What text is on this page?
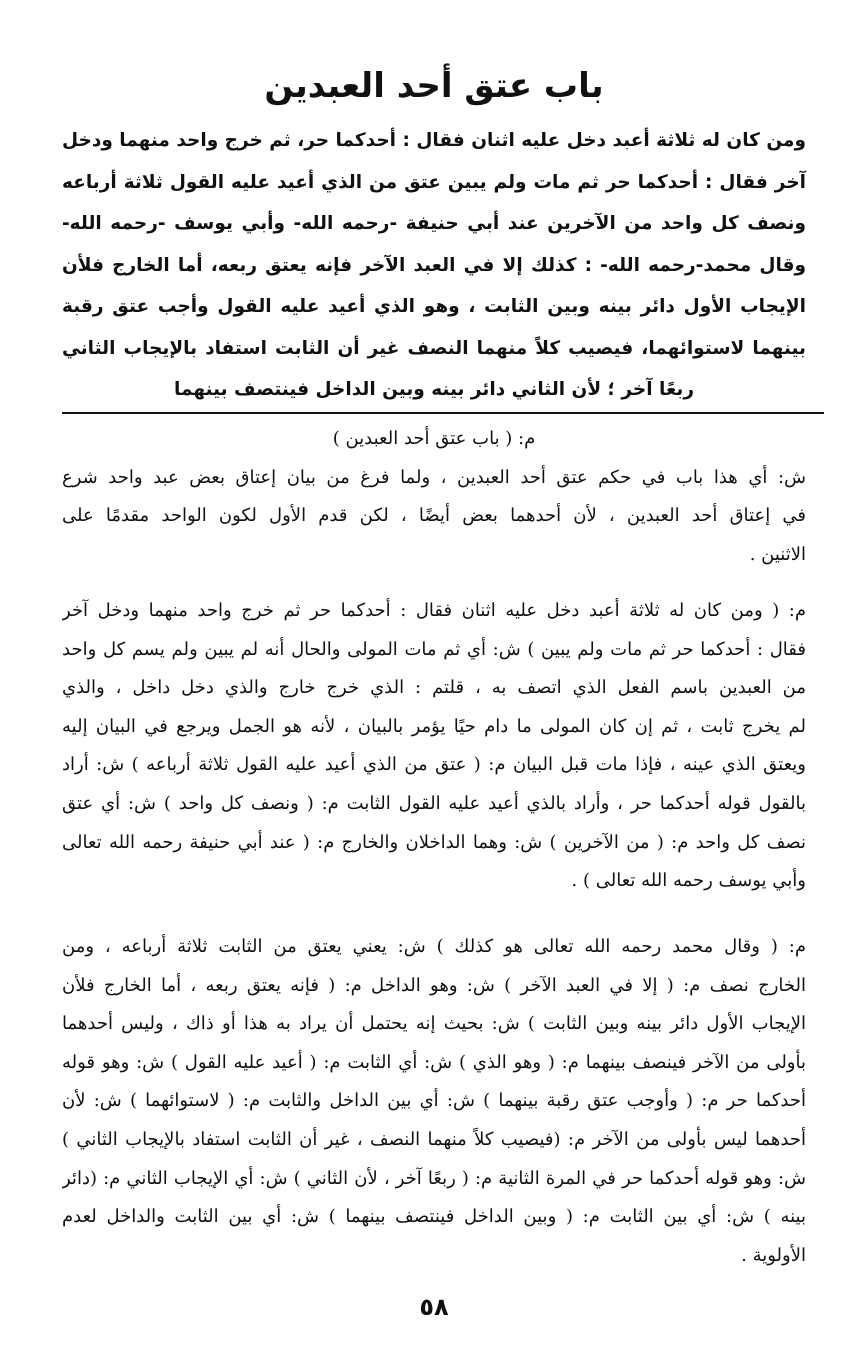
باب عتق أحد العبدين
ومن كان له ثلاثة أعبد دخل عليه اثنان فقال : أحدكما حر، ثم خرج واحد منهما ودخل آخر فقال : أحدكما حر ثم مات ولم يبين عتق من الذي أعيد عليه القول ثلاثة أرباعه ونصف كل واحد من الآخرين عند أبي حنيفة -رحمه الله- وأبي يوسف -رحمه الله- وقال محمد-رحمه الله- : كذلك إلا في العبد الآخر فإنه يعتق ربعه، أما الخارج فلأن الإيجاب الأول دائر بينه وبين الثابت ، وهو الذي أعيد عليه القول وأجب عتق رقبة بينهما لاستوائهما، فيصيب كلاً منهما النصف غير أن الثابت استفاد بالإيجاب الثاني ربعًا آخر ؛ لأن الثاني دائر بينه وبين الداخل فينتصف بينهما
م: ( باب عتق أحد العبدين )
ش: أي هذا باب في حكم عتق أحد العبدين ، ولما فرغ من بيان إعتاق بعض عبد واحد شرع
في إعتاق أحد العبدين ، لأن أحدهما بعض أيضًا ، لكن قدم الأول لكون الواحد مقدمًا على
الاثنين .
م: ( ومن كان له ثلاثة أعبد دخل عليه اثنان فقال : أحدكما حر ثم خرج واحد منهما ودخل آخر
فقال : أحدكما حر ثم مات ولم يبين ) ش: أي ثم مات المولى والحال أنه لم يبين ولم يسم كل واحد
من العبدين باسم الفعل الذي اتصف به ، قلتم : الذي خرج خارج والذي دخل داخل ، والذي
لم يخرج ثابت ، ثم إن كان المولى ما دام حيًا يؤمر بالبيان ، لأنه هو الجمل ويرجع في البيان إليه
ويعتق الذي عينه ، فإذا مات قبل البيان م: ( عتق من الذي أعيد عليه القول ثلاثة أرباعه ) ش: أراد
بالقول قوله أحدكما حر ، وأراد بالذي أعيد عليه القول الثابت م: ( ونصف كل واحد ) ش: أي عتق
نصف كل واحد م: ( من الآخرين ) ش: وهما الداخلان والخارج م: ( عند أبي حنيفة رحمه الله تعالى
وأبي يوسف رحمه الله تعالى ) .
م: ( وقال محمد رحمه الله تعالى هو كذلك ) ش: يعني يعتق من الثابت ثلاثة أرباعه ، ومن
الخارج نصف م: ( إلا في العبد الآخر ) ش: وهو الداخل م: ( فإنه يعتق ربعه ، أما الخارج فلأن
الإيجاب الأول دائر بينه وبين الثابت ) ش: بحيث إنه يحتمل أن يراد به هذا أو ذاك ، وليس أحدهما
بأولى من الآخر فينصف بينهما م: ( وهو الذي ) ش: أي الثابت م: ( أعيد عليه القول ) ش: وهو قوله
أحدكما حر م: ( وأوجب عتق رقبة بينهما ) ش: أي بين الداخل والثابت م: ( لاستوائهما ) ش: لأن
أحدهما ليس بأولى من الآخر م: (فيصيب كلاً منهما النصف ، غير أن الثابت استفاد بالإيجاب الثاني )
ش: وهو قوله أحدكما حر في المرة الثانية م: ( ربعًا آخر ، لأن الثاني ) ش: أي الإيجاب الثاني م: (دائر
بينه ) ش: أي بين الثابت م: ( وبين الداخل فينتصف بينهما ) ش: أي بين الثابت والداخل لعدم
الأولوية .
٥٨
